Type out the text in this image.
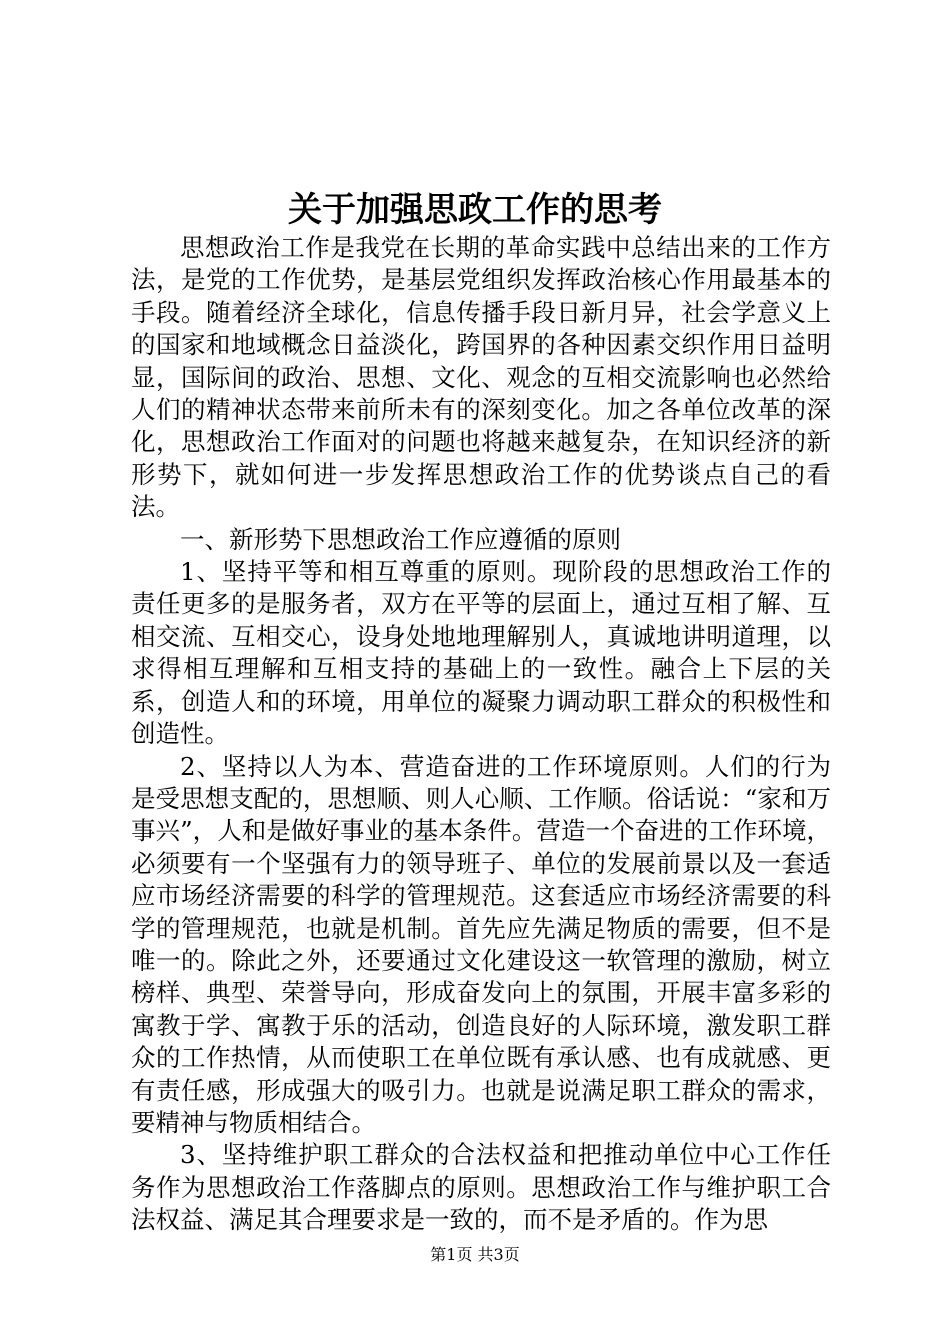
关于加强思政工作的思考

思想政治工作是我党在长期的革命实践中总结出来的工作方法，是党的工作优势，是基层党组织发挥政治核心作用最基本的手段。随着经济全球化，信息传播手段日新月异，社会学意义上的国家和地域概念日益淡化，跨国界的各种因素交织作用日益明显，国际间的政治、思想、文化、观念的互相交流影响也必然给人们的精神状态带来前所未有的深刻变化。加之各单位改革的深化，思想政治工作面对的问题也将越来越复杂，在知识经济的新形势下，就如何进一步发挥思想政治工作的优势谈点自己的看法。

一、新形势下思想政治工作应遵循的原则

1、坚持平等和相互尊重的原则。现阶段的思想政治工作的责任更多的是服务者，双方在平等的层面上，通过互相了解、互相交流、互相交心，设身处地地理解别人，真诚地讲明道理，以求得相互理解和互相支持的基础上的一致性。融合上下层的关系，创造人和的环境，用单位的凝聚力调动职工群众的积极性和创造性。

2、坚持以人为本、营造奋进的工作环境原则。人们的行为是受思想支配的，思想顺、则人心顺、工作顺。俗话说：“家和万事兴”，人和是做好事业的基本条件。营造一个奋进的工作环境，必须要有一个坚强有力的领导班子、单位的发展前景以及一套适应市场经济需要的科学的管理规范。这套适应市场经济需要的科学的管理规范，也就是机制。首先应先满足物质的需要，但不是唯一的。除此之外，还要通过文化建设这一软管理的激励，树立榜样、典型、荣誉导向，形成奋发向上的氛围，开展丰富多彩的寓教于学、寓教于乐的活动，创造良好的人际环境，激发职工群众的工作热情，从而使职工在单位既有承认感、也有成就感、更有责任感，形成强大的吸引力。也就是说满足职工群众的需求，要精神与物质相结合。

3、坚持维护职工群众的合法权益和把推动单位中心工作任务作为思想政治工作落脚点的原则。思想政治工作与维护职工合法权益、满足其合理要求是一致的，而不是矛盾的。作为思

第1页 共3页
